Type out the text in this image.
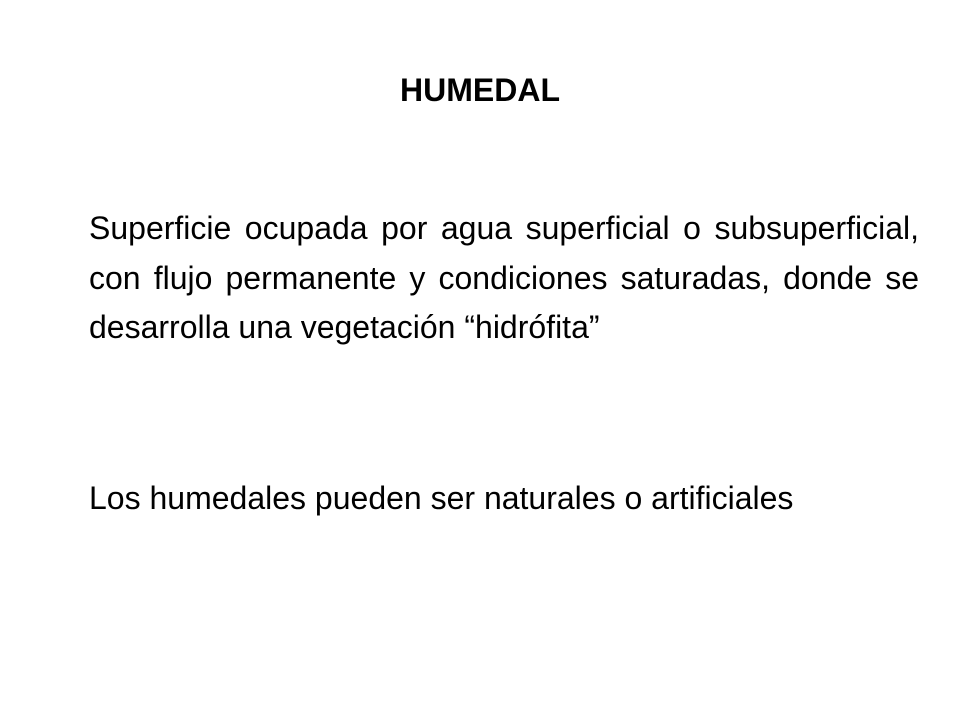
HUMEDAL

Superficie ocupada por agua superficial o subsuperficial, con flujo permanente y condiciones saturadas, donde se desarrolla una vegetación “hidrófita”

Los humedales pueden ser naturales o artificiales
